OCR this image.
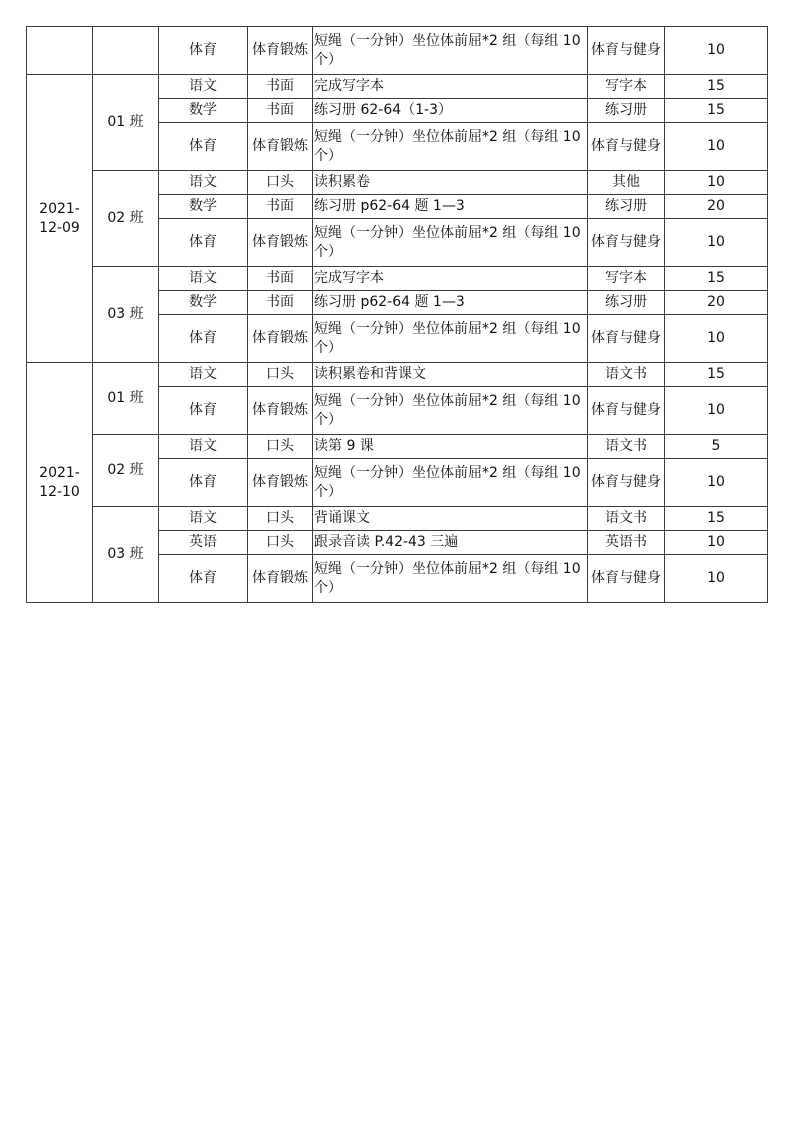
		体育	体育锻炼	短绳（一分钟）坐位体前屈*2 组（每组 10 个）	体育与健身	10
2021-12-09	01 班	语文	书面	完成写字本	写字本	15
		数学	书面	练习册 62-64（1-3）	练习册	15
		体育	体育锻炼	短绳（一分钟）坐位体前屈*2 组（每组 10 个）	体育与健身	10
	02 班	语文	口头	读积累卷	其他	10
		数学	书面	练习册 p62-64 题 1—3	练习册	20
		体育	体育锻炼	短绳（一分钟）坐位体前屈*2 组（每组 10 个）	体育与健身	10
	03 班	语文	书面	完成写字本	写字本	15
		数学	书面	练习册 p62-64 题 1—3	练习册	20
		体育	体育锻炼	短绳（一分钟）坐位体前屈*2 组（每组 10 个）	体育与健身	10
2021-12-10	01 班	语文	口头	读积累卷和背课文	语文书	15
		体育	体育锻炼	短绳（一分钟）坐位体前屈*2 组（每组 10 个）	体育与健身	10
	02 班	语文	口头	读第 9 课	语文书	5
		体育	体育锻炼	短绳（一分钟）坐位体前屈*2 组（每组 10 个）	体育与健身	10
	03 班	语文	口头	背诵课文	语文书	15
		英语	口头	跟录音读 P.42-43 三遍	英语书	10
		体育	体育锻炼	短绳（一分钟）坐位体前屈*2 组（每组 10 个）	体育与健身	10
